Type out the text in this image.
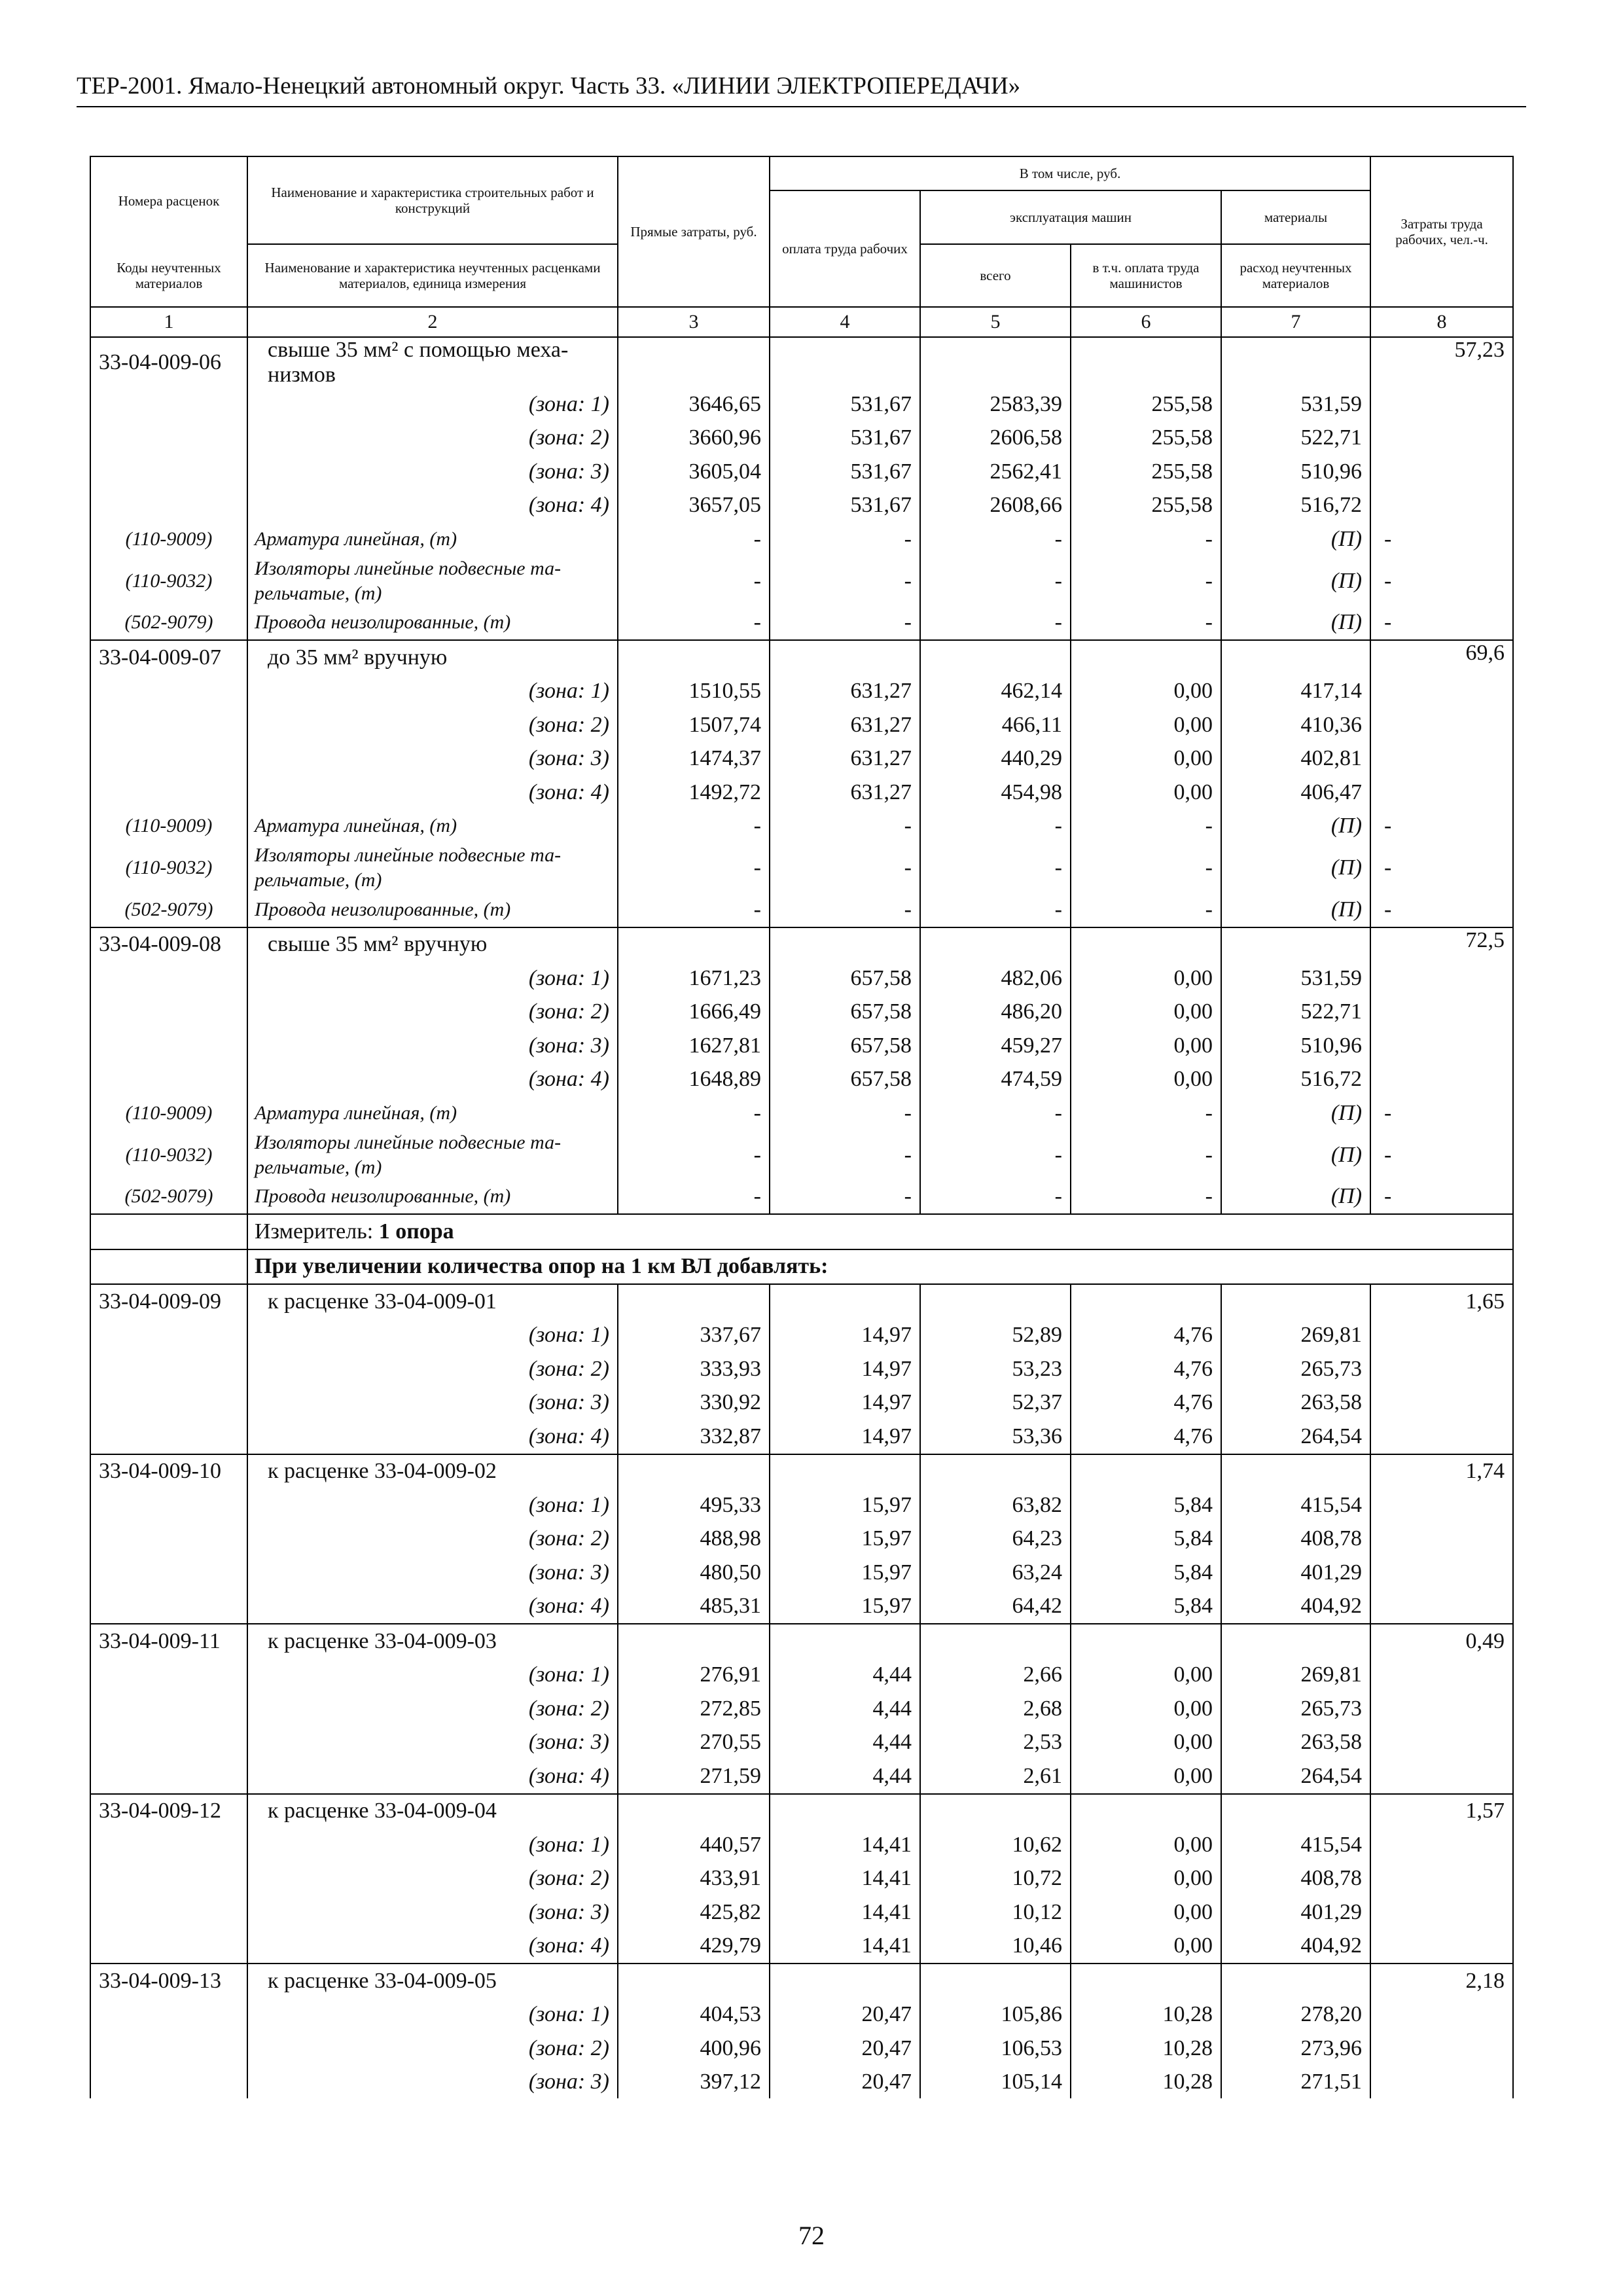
ТЕР-2001. Ямало-Ненецкий автономный округ. Часть 33. «ЛИНИИ ЭЛЕКТРОПЕРЕДАЧИ»
Номера расценок	Наименование и характеристика строительных работ и конструкций	Прямые затраты, руб.	В том числе, руб.				Затраты труда рабочих, чел.-ч.
			оплата труда рабочих	эксплуатация машин		материалы	
Коды неучтенных материалов	Наименование и характеристика неучтенных расценками материалов, единица измерения			всего	в т.ч. оплата труда машинистов	расход неучтенных материалов	
1	2	3	4	5	6	7	8
33-04-009-06	свыше 35 мм² с помощью меха-низмов						57,23
	(зона: 1)	3646,65	531,67	2583,39	255,58	531,59	
	(зона: 2)	3660,96	531,67	2606,58	255,58	522,71	
	(зона: 3)	3605,04	531,67	2562,41	255,58	510,96	
	(зона: 4)	3657,05	531,67	2608,66	255,58	516,72	
(110-9009)	Арматура линейная, (т)	-	-	-	-	(П)	-
(110-9032)	Изоляторы линейные подвесные та-рельчатые, (т)	-	-	-	-	(П)	-
(502-9079)	Провода неизолированные, (т)	-	-	-	-	(П)	-
33-04-009-07	до 35 мм² вручную						69,6
	(зона: 1)	1510,55	631,27	462,14	0,00	417,14	
	(зона: 2)	1507,74	631,27	466,11	0,00	410,36	
	(зона: 3)	1474,37	631,27	440,29	0,00	402,81	
	(зона: 4)	1492,72	631,27	454,98	0,00	406,47	
(110-9009)	Арматура линейная, (т)	-	-	-	-	(П)	-
(110-9032)	Изоляторы линейные подвесные та-рельчатые, (т)	-	-	-	-	(П)	-
(502-9079)	Провода неизолированные, (т)	-	-	-	-	(П)	-
33-04-009-08	свыше 35 мм² вручную						72,5
	(зона: 1)	1671,23	657,58	482,06	0,00	531,59	
	(зона: 2)	1666,49	657,58	486,20	0,00	522,71	
	(зона: 3)	1627,81	657,58	459,27	0,00	510,96	
	(зона: 4)	1648,89	657,58	474,59	0,00	516,72	
(110-9009)	Арматура линейная, (т)	-	-	-	-	(П)	-
(110-9032)	Изоляторы линейные подвесные та-рельчатые, (т)	-	-	-	-	(П)	-
(502-9079)	Провода неизолированные, (т)	-	-	-	-	(П)	-
	Измеритель: 1 опора						
	При увеличении количества опор на 1 км ВЛ добавлять:						
33-04-009-09	к расценке 33-04-009-01						1,65
	(зона: 1)	337,67	14,97	52,89	4,76	269,81	
	(зона: 2)	333,93	14,97	53,23	4,76	265,73	
	(зона: 3)	330,92	14,97	52,37	4,76	263,58	
	(зона: 4)	332,87	14,97	53,36	4,76	264,54	
33-04-009-10	к расценке 33-04-009-02						1,74
	(зона: 1)	495,33	15,97	63,82	5,84	415,54	
	(зона: 2)	488,98	15,97	64,23	5,84	408,78	
	(зона: 3)	480,50	15,97	63,24	5,84	401,29	
	(зона: 4)	485,31	15,97	64,42	5,84	404,92	
33-04-009-11	к расценке 33-04-009-03						0,49
	(зона: 1)	276,91	4,44	2,66	0,00	269,81	
	(зона: 2)	272,85	4,44	2,68	0,00	265,73	
	(зона: 3)	270,55	4,44	2,53	0,00	263,58	
	(зона: 4)	271,59	4,44	2,61	0,00	264,54	
33-04-009-12	к расценке 33-04-009-04						1,57
	(зона: 1)	440,57	14,41	10,62	0,00	415,54	
	(зона: 2)	433,91	14,41	10,72	0,00	408,78	
	(зона: 3)	425,82	14,41	10,12	0,00	401,29	
	(зона: 4)	429,79	14,41	10,46	0,00	404,92	
33-04-009-13	к расценке 33-04-009-05						2,18
	(зона: 1)	404,53	20,47	105,86	10,28	278,20	
	(зона: 2)	400,96	20,47	106,53	10,28	273,96	
	(зона: 3)	397,12	20,47	105,14	10,28	271,51	
72
